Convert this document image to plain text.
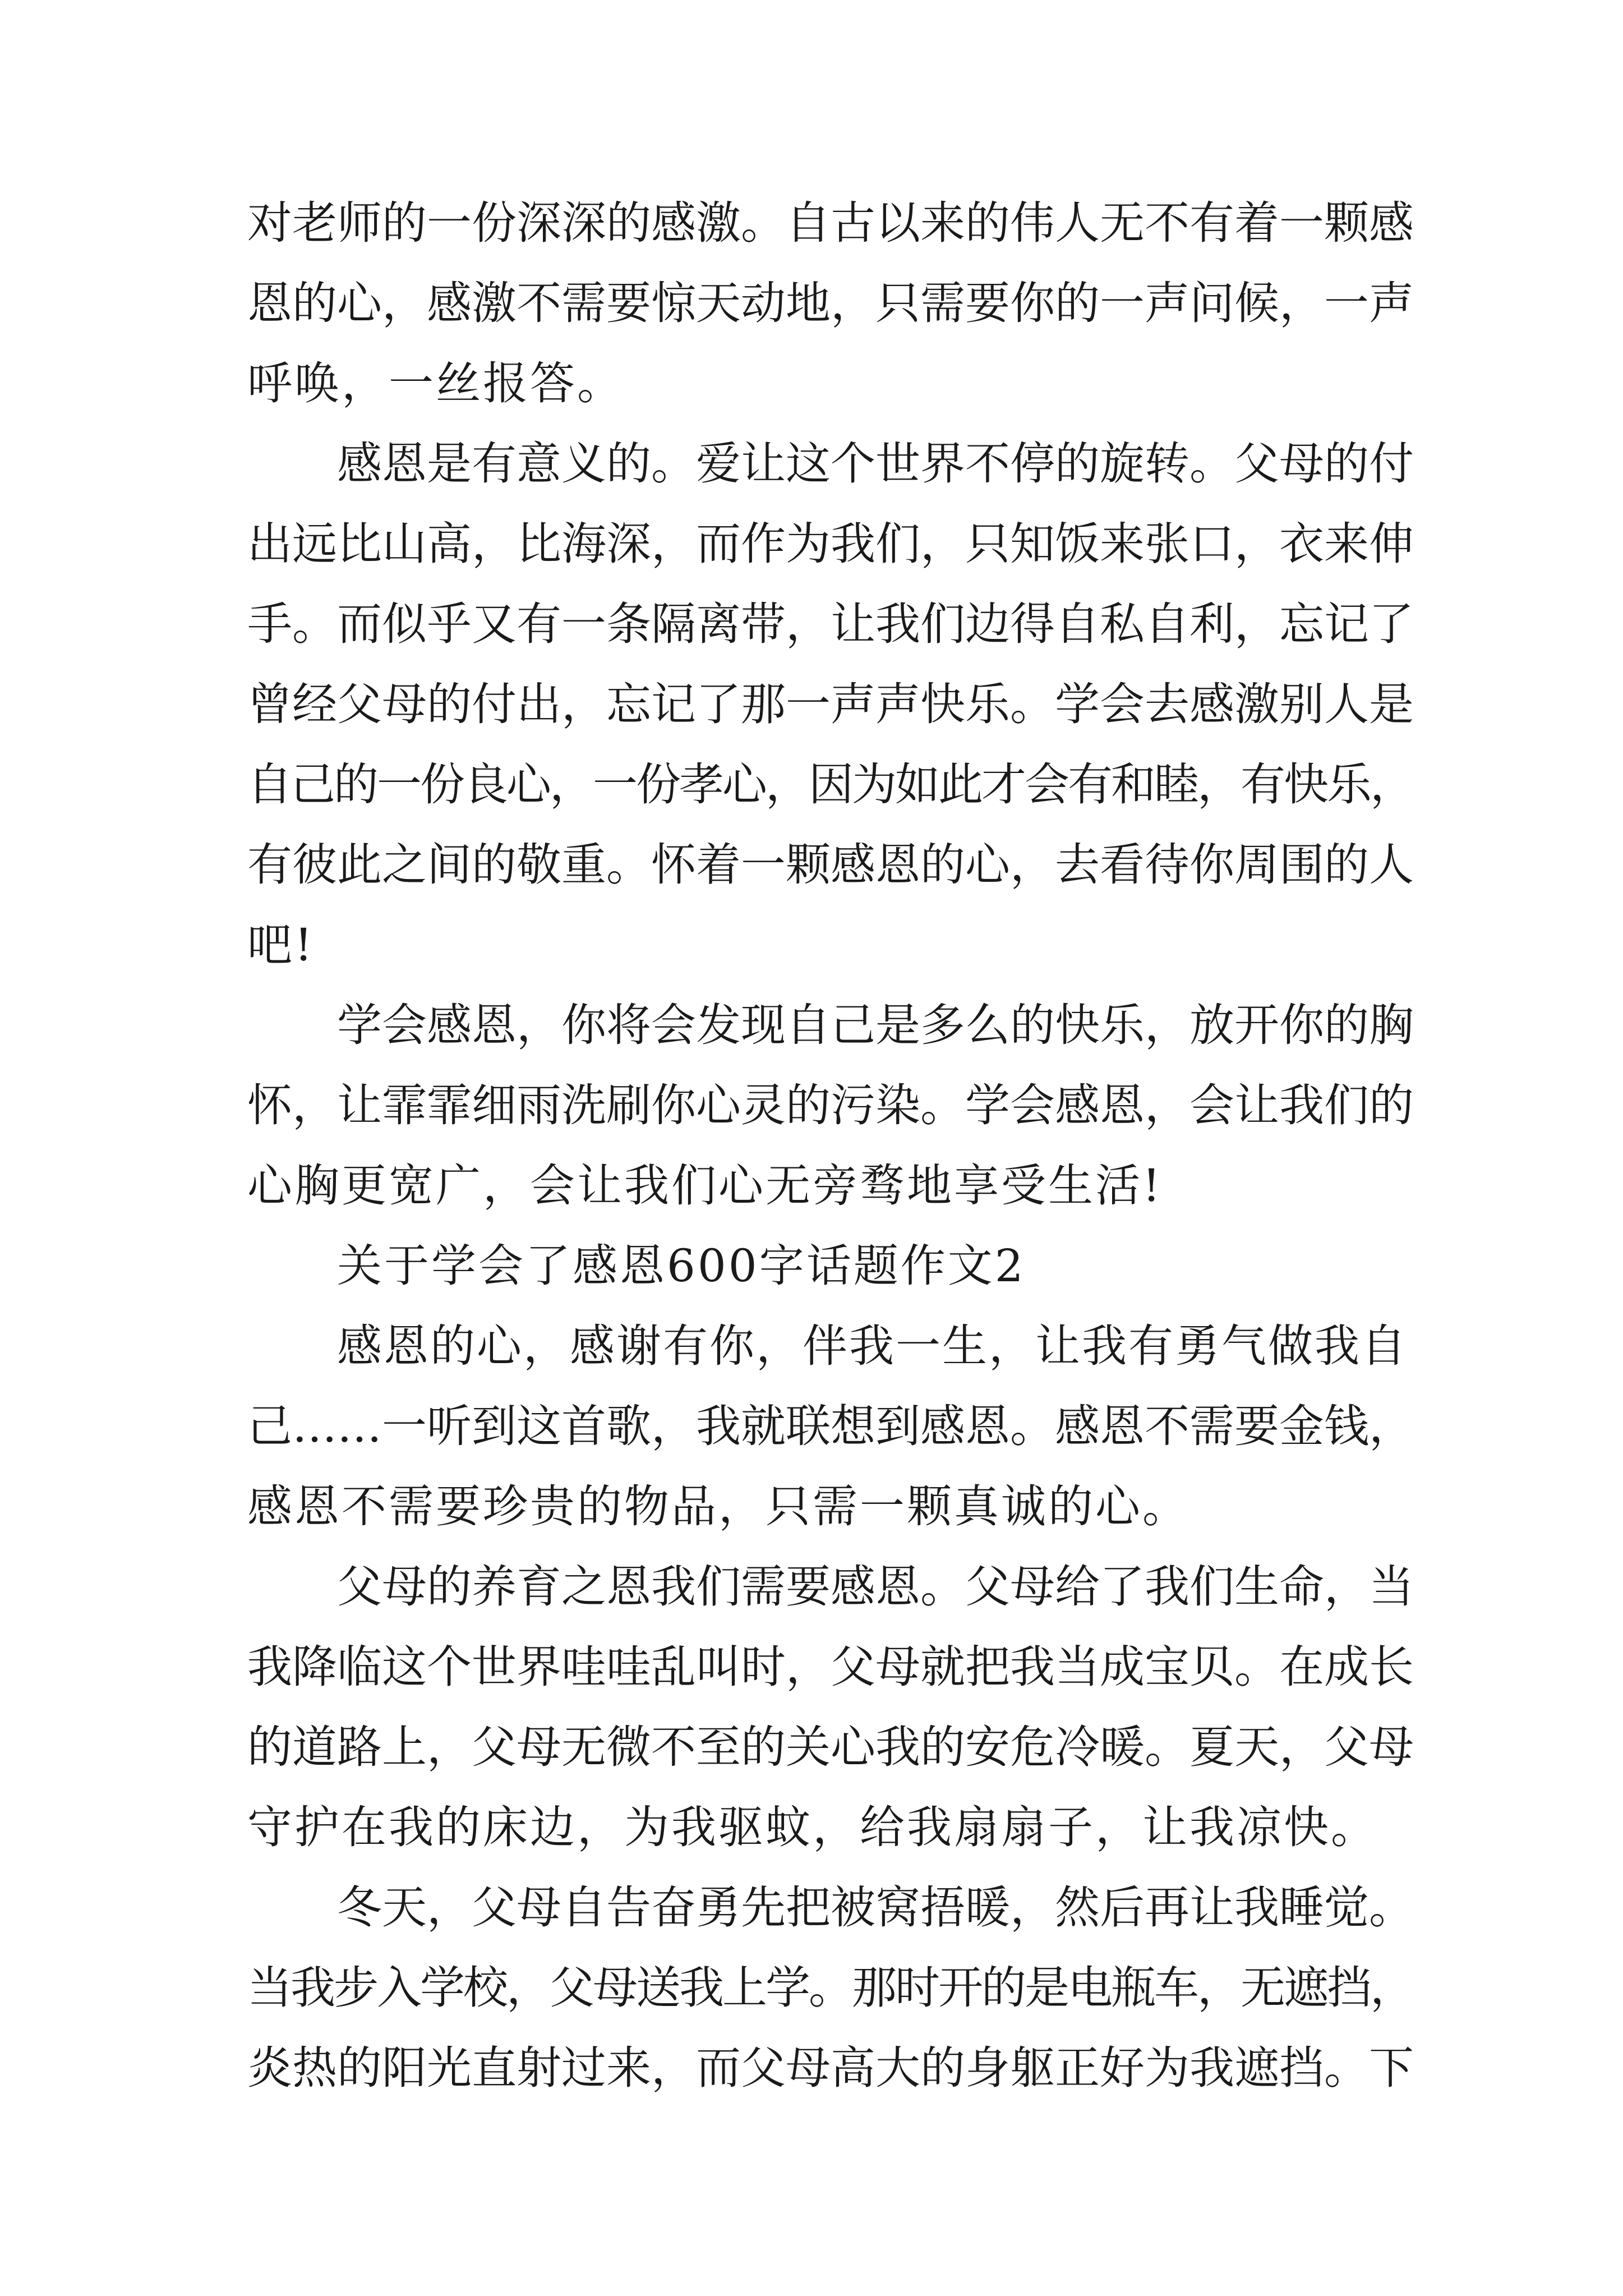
对老师的一份深深的感激。自古以来的伟人无不有着一颗感
恩的心，感激不需要惊天动地，只需要你的一声问候，一声
呼唤，一丝报答。
感恩是有意义的。爱让这个世界不停的旋转。父母的付
出远比山高，比海深，而作为我们，只知饭来张口，衣来伸
手。而似乎又有一条隔离带，让我们边得自私自利，忘记了
曾经父母的付出，忘记了那一声声快乐。学会去感激别人是
自己的一份良心，一份孝心，因为如此才会有和睦，有快乐，
有彼此之间的敬重。怀着一颗感恩的心，去看待你周围的人
吧!
学会感恩，你将会发现自己是多么的快乐，放开你的胸
怀，让霏霏细雨洗刷你心灵的污染。学会感恩，会让我们的
心胸更宽广，会让我们心无旁骛地享受生活!
关于学会了感恩600字话题作文2
感恩的心，感谢有你，伴我一生，让我有勇气做我自
己……一听到这首歌，我就联想到感恩。感恩不需要金钱，
感恩不需要珍贵的物品，只需一颗真诚的心。
父母的养育之恩我们需要感恩。父母给了我们生命，当
我降临这个世界哇哇乱叫时，父母就把我当成宝贝。在成长
的道路上，父母无微不至的关心我的安危冷暖。夏天，父母
守护在我的床边，为我驱蚊，给我扇扇子，让我凉快。
冬天，父母自告奋勇先把被窝捂暖，然后再让我睡觉。
当我步入学校，父母送我上学。那时开的是电瓶车，无遮挡，
炎热的阳光直射过来，而父母高大的身躯正好为我遮挡。下
